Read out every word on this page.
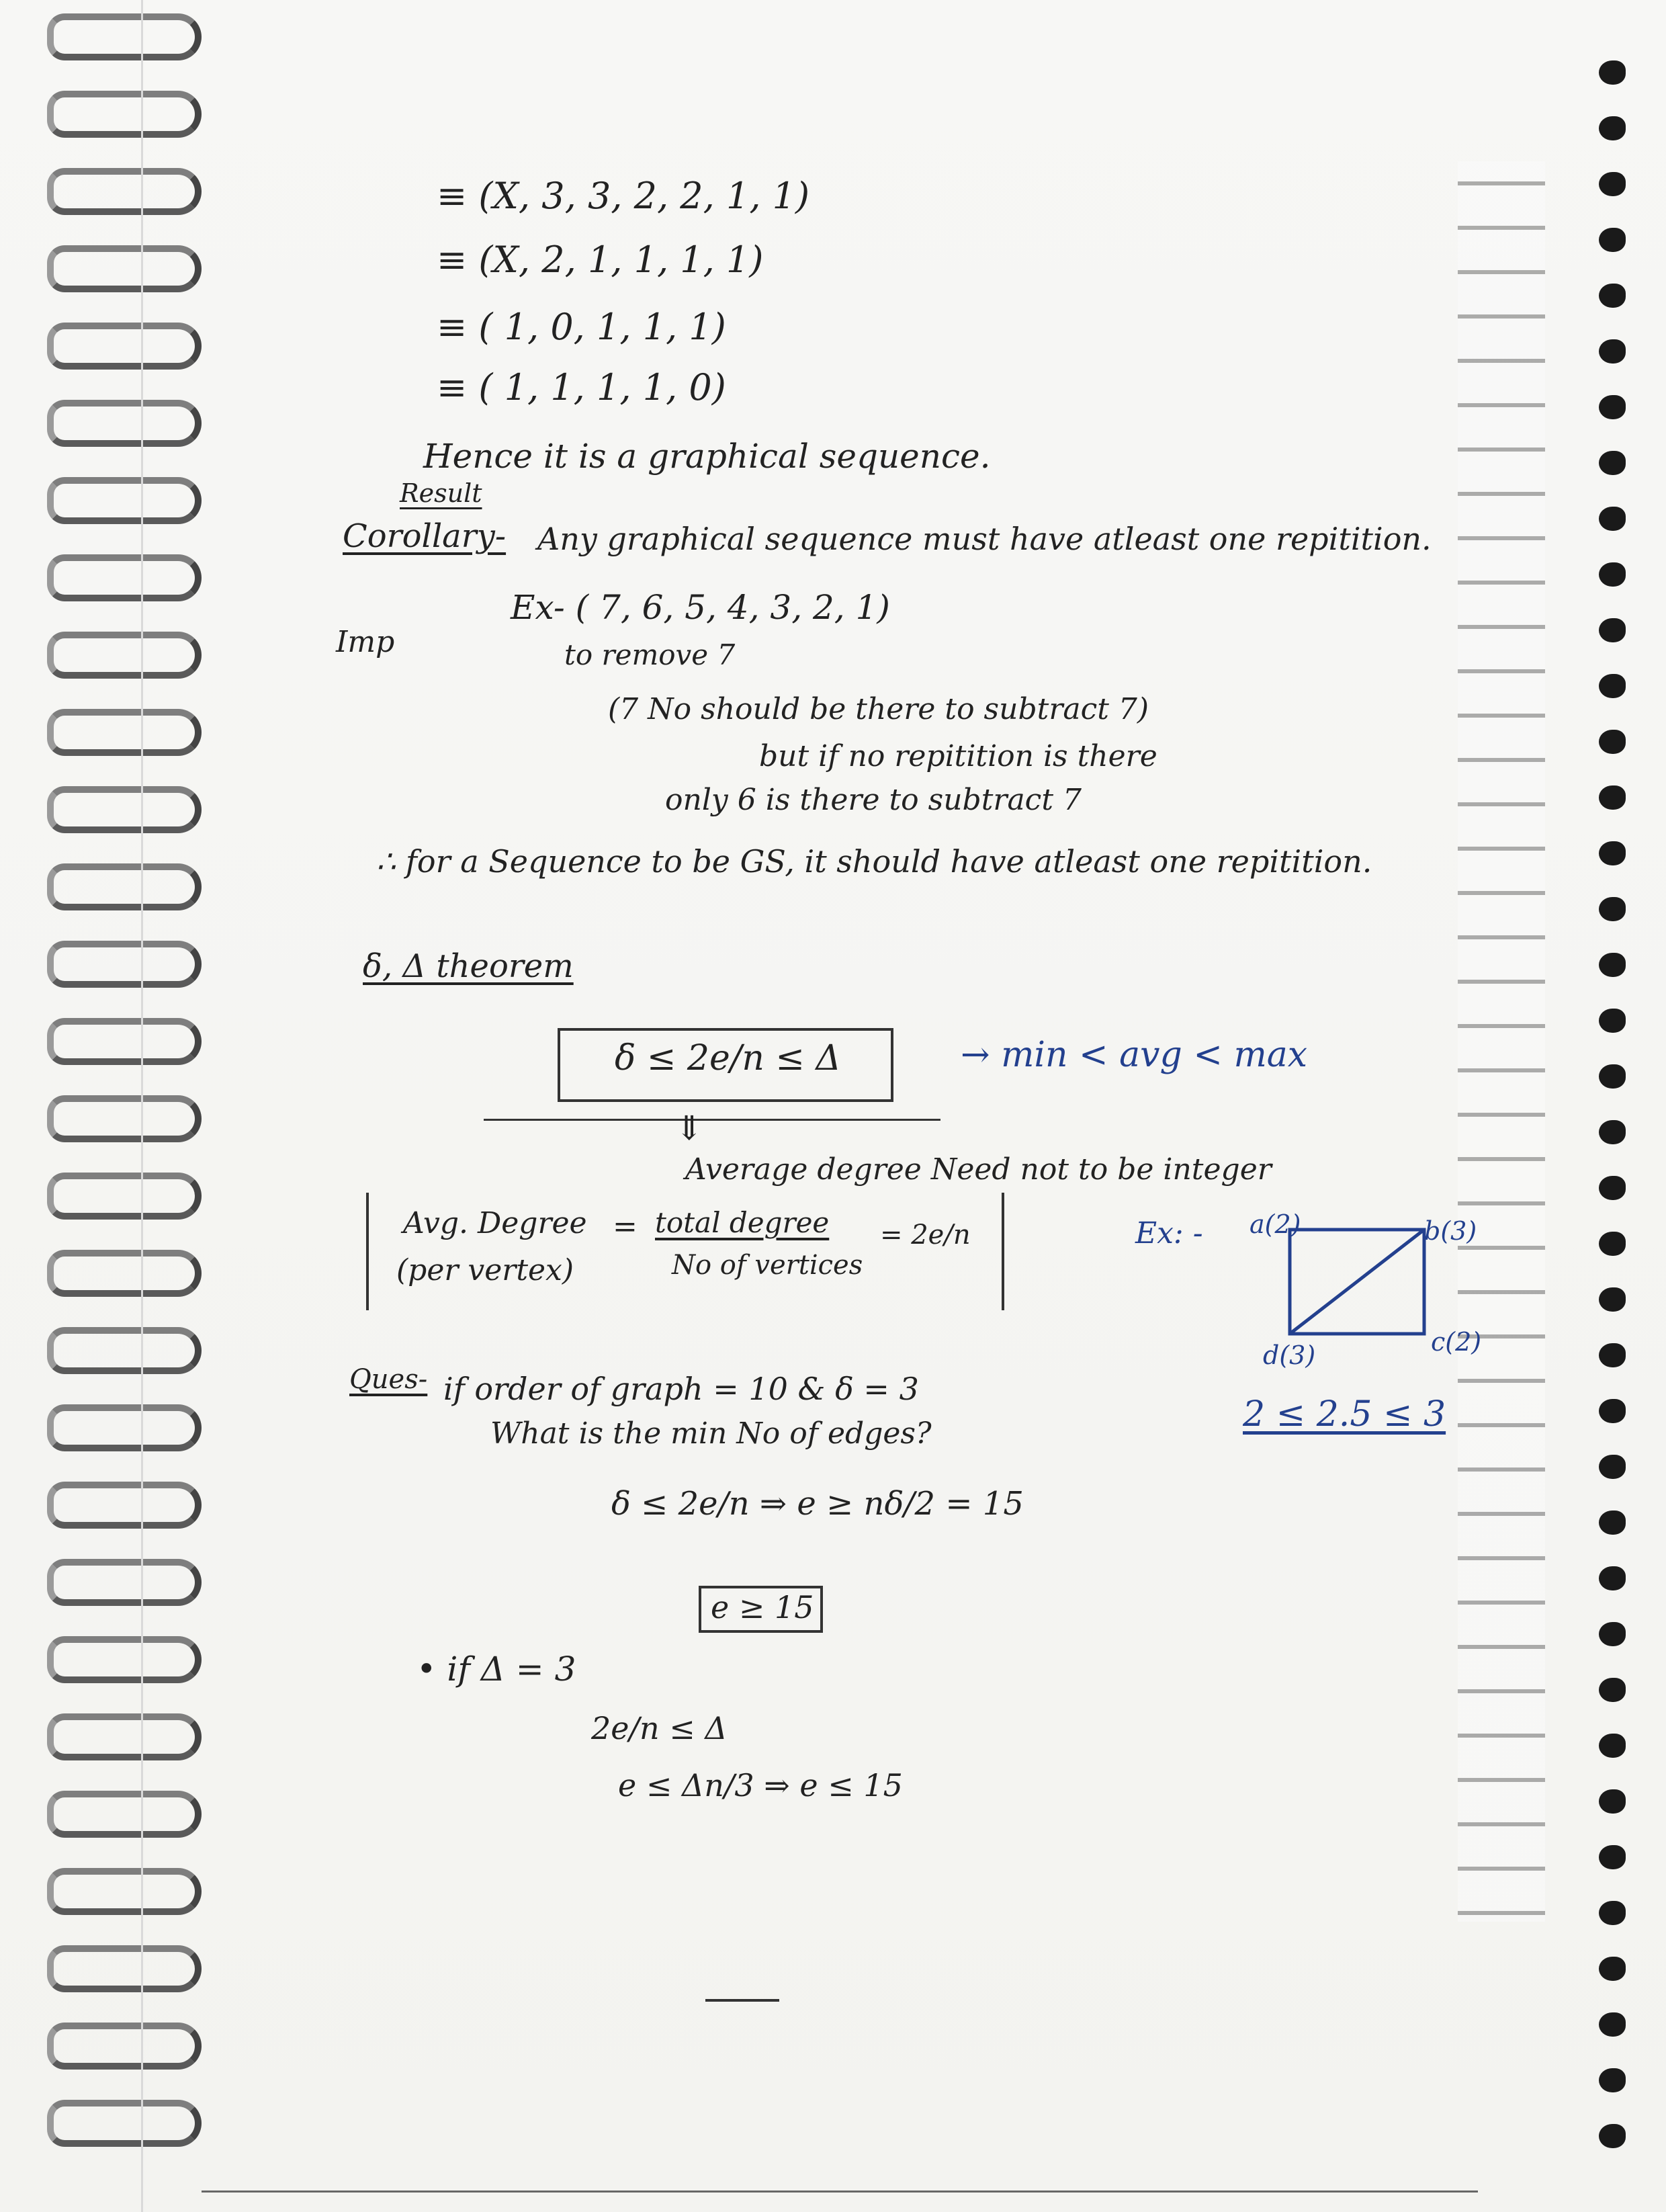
≡ (X, 3, 3, 2, 2, 1, 1)
≡ (X, 2, 1, 1, 1, 1)
≡ ( 1, 0, 1, 1, 1)
≡ ( 1, 1, 1, 1, 0)
Hence it is a graphical sequence.
Result
Corollary- Any graphical sequence must have atleast one repitition.
Ex- ( 7, 6, 5, 4, 3, 2, 1)
Imp	to remove 7
(7 No should be there to subtract 7)
but if no repitition is there
only 6 is there to subtract 7
∴ for a Sequence to be GS, it should have atleast one repitition.
δ, Δ theorem
δ ≤ 2e/n ≤ Δ	→ min < avg < max
⇓
Average degree Need not to be integer
Avg. Degree
(per vertex)
= total degree
No of vertices
= 2e/n	Ex: - a(2)	b(3)
c(2)
d(3)
2 ≤ 2.5 ≤ 3
Ques- if order of graph = 10 & δ = 3
What is the min No of edges?
δ ≤ 2e/n ⇒ e ≥ nδ/2 = 15
e ≥ 15
• if Δ = 3
2e/n ≤ Δ
e ≤ Δn/3 ⇒ e ≤ 15
